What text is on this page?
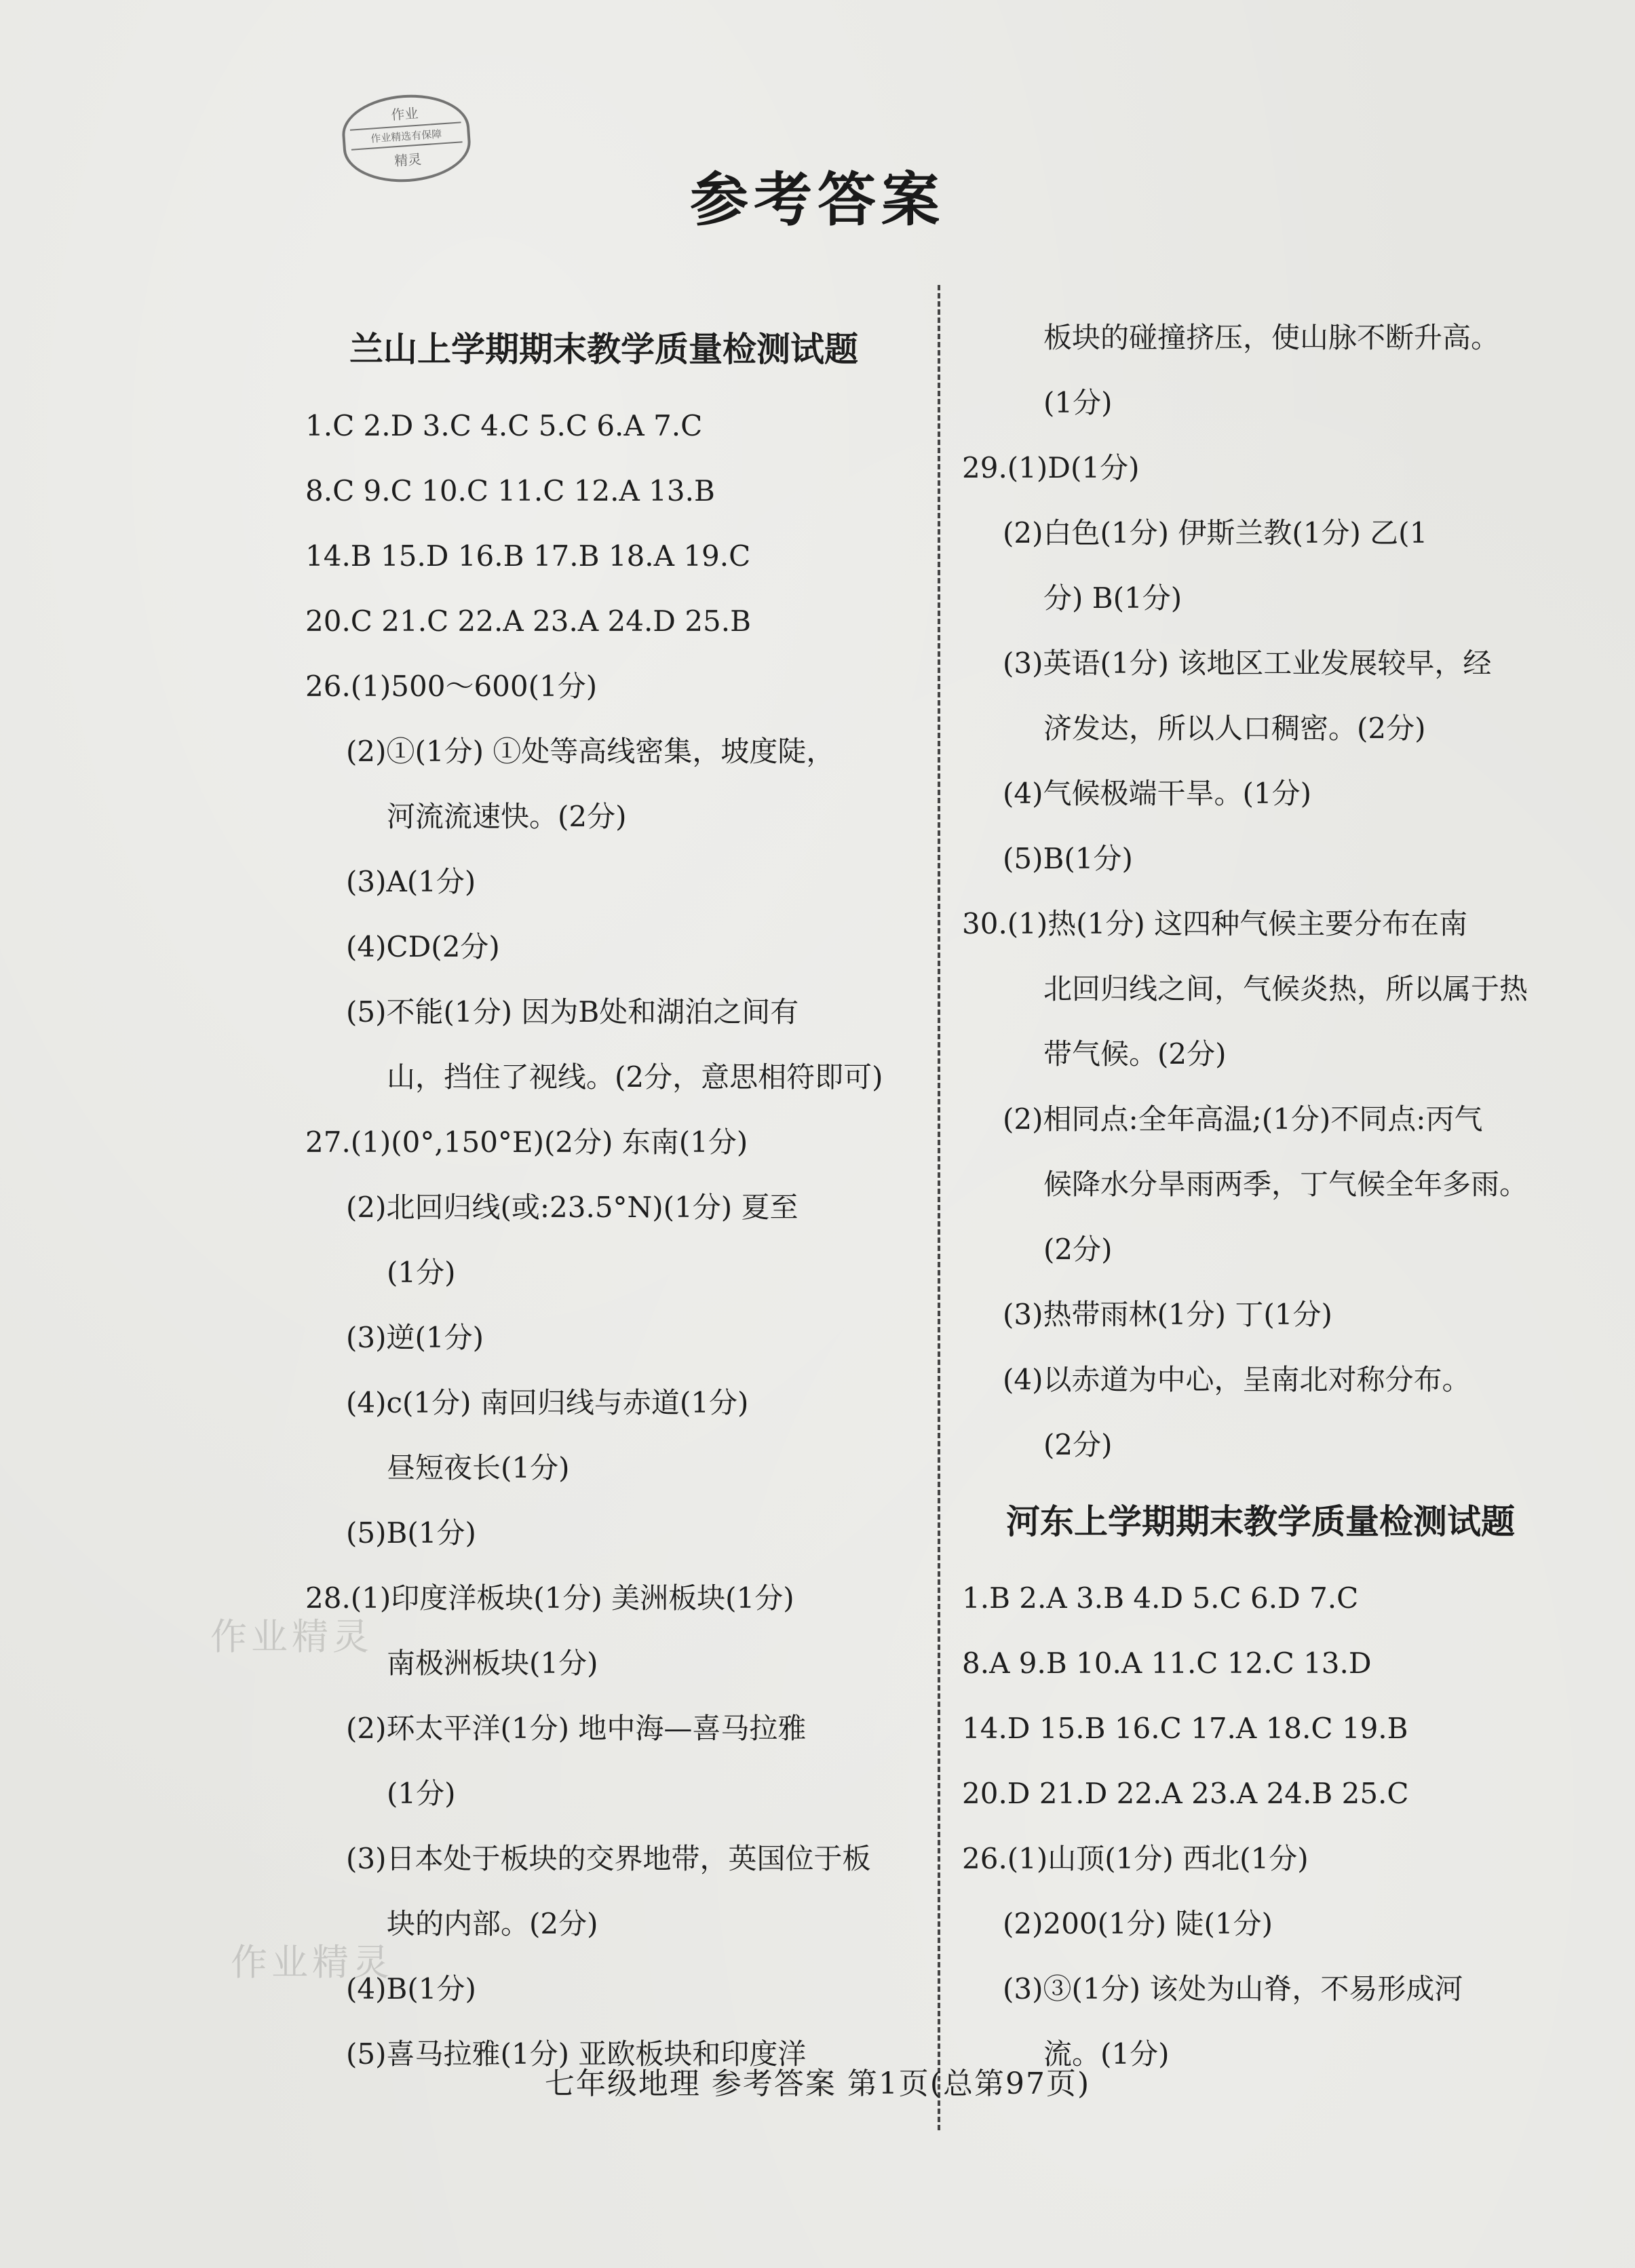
作业
作业精选有保障
精灵
参考答案
作业精灵
作业精灵
兰山上学期期末教学质量检测试题
1.C 2.D 3.C 4.C 5.C 6.A 7.C
8.C 9.C 10.C 11.C 12.A 13.B
14.B 15.D 16.B 17.B 18.A 19.C
20.C 21.C 22.A 23.A 24.D 25.B
26.(1)500～600(1分)
(2)①(1分) ①处等高线密集，坡度陡，
河流流速快。(2分)
(3)A(1分)
(4)CD(2分)
(5)不能(1分) 因为B处和湖泊之间有
山，挡住了视线。(2分，意思相符即可)
27.(1)(0°,150°E)(2分) 东南(1分)
(2)北回归线(或:23.5°N)(1分) 夏至
(1分)
(3)逆(1分)
(4)c(1分) 南回归线与赤道(1分)
昼短夜长(1分)
(5)B(1分)
28.(1)印度洋板块(1分) 美洲板块(1分)
南极洲板块(1分)
(2)环太平洋(1分) 地中海—喜马拉雅
(1分)
(3)日本处于板块的交界地带，英国位于板
块的内部。(2分)
(4)B(1分)
(5)喜马拉雅(1分) 亚欧板块和印度洋
板块的碰撞挤压，使山脉不断升高。
(1分)
29.(1)D(1分)
(2)白色(1分) 伊斯兰教(1分) 乙(1
分) B(1分)
(3)英语(1分) 该地区工业发展较早，经
济发达，所以人口稠密。(2分)
(4)气候极端干旱。(1分)
(5)B(1分)
30.(1)热(1分) 这四种气候主要分布在南
北回归线之间，气候炎热，所以属于热
带气候。(2分)
(2)相同点:全年高温;(1分)不同点:丙气
候降水分旱雨两季，丁气候全年多雨。
(2分)
(3)热带雨林(1分) 丁(1分)
(4)以赤道为中心，呈南北对称分布。
(2分)
河东上学期期末教学质量检测试题
1.B 2.A 3.B 4.D 5.C 6.D 7.C
8.A 9.B 10.A 11.C 12.C 13.D
14.D 15.B 16.C 17.A 18.C 19.B
20.D 21.D 22.A 23.A 24.B 25.C
26.(1)山顶(1分) 西北(1分)
(2)200(1分) 陡(1分)
(3)③(1分) 该处为山脊，不易形成河
流。(1分)
七年级地理 参考答案 第1页(总第97页)
